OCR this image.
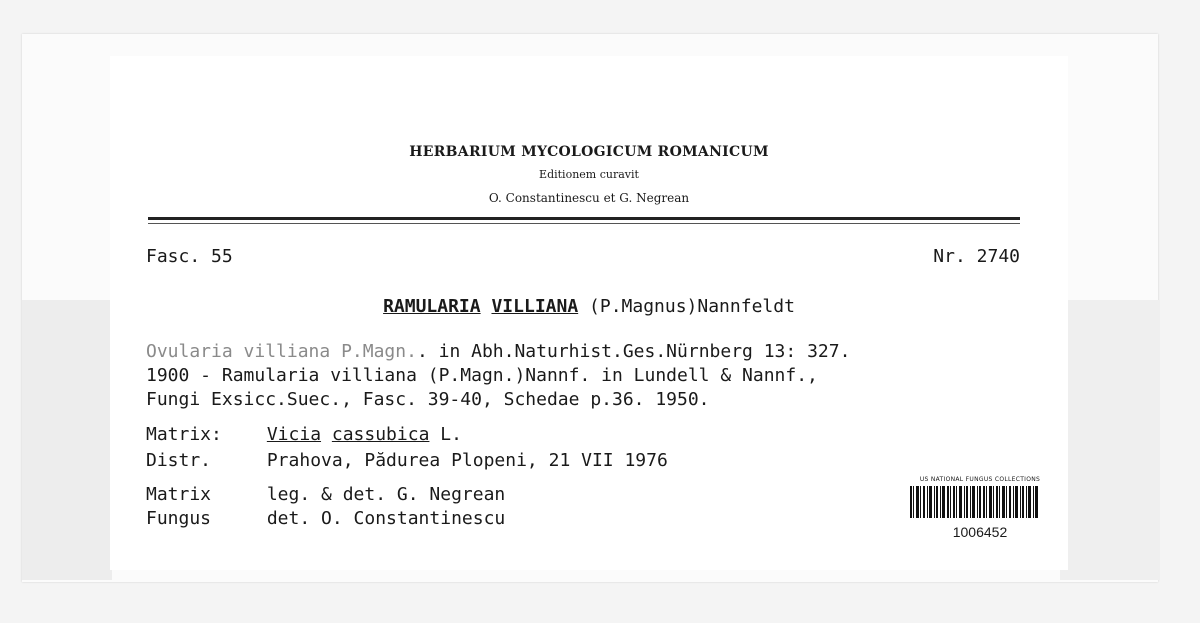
HERBARIUM MYCOLOGICUM ROMANICUM
Editionem curavit
O. Constantinescu et G. Negrean
Fasc. 55	Nr. 2740
RAMULARIA VILLIANA (P.Magnus)Nannfeldt
Ovularia villiana P.Magn.. in Abh.Naturhist.Ges.Nürnberg 13: 327.
1900 - Ramularia villiana (P.Magn.)Nannf. in Lundell & Nannf.,
Fungi Exsicc.Suec., Fasc. 39-40, Schedae p.36. 1950.
Matrix: Vicia cassubica L.
Distr.	Prahova, Pădurea Plopeni, 21 VII 1976
Matrix	leg. & det. G. Negrean
Fungus	det. O. Constantinescu
US NATIONAL FUNGUS COLLECTIONS
1006452
